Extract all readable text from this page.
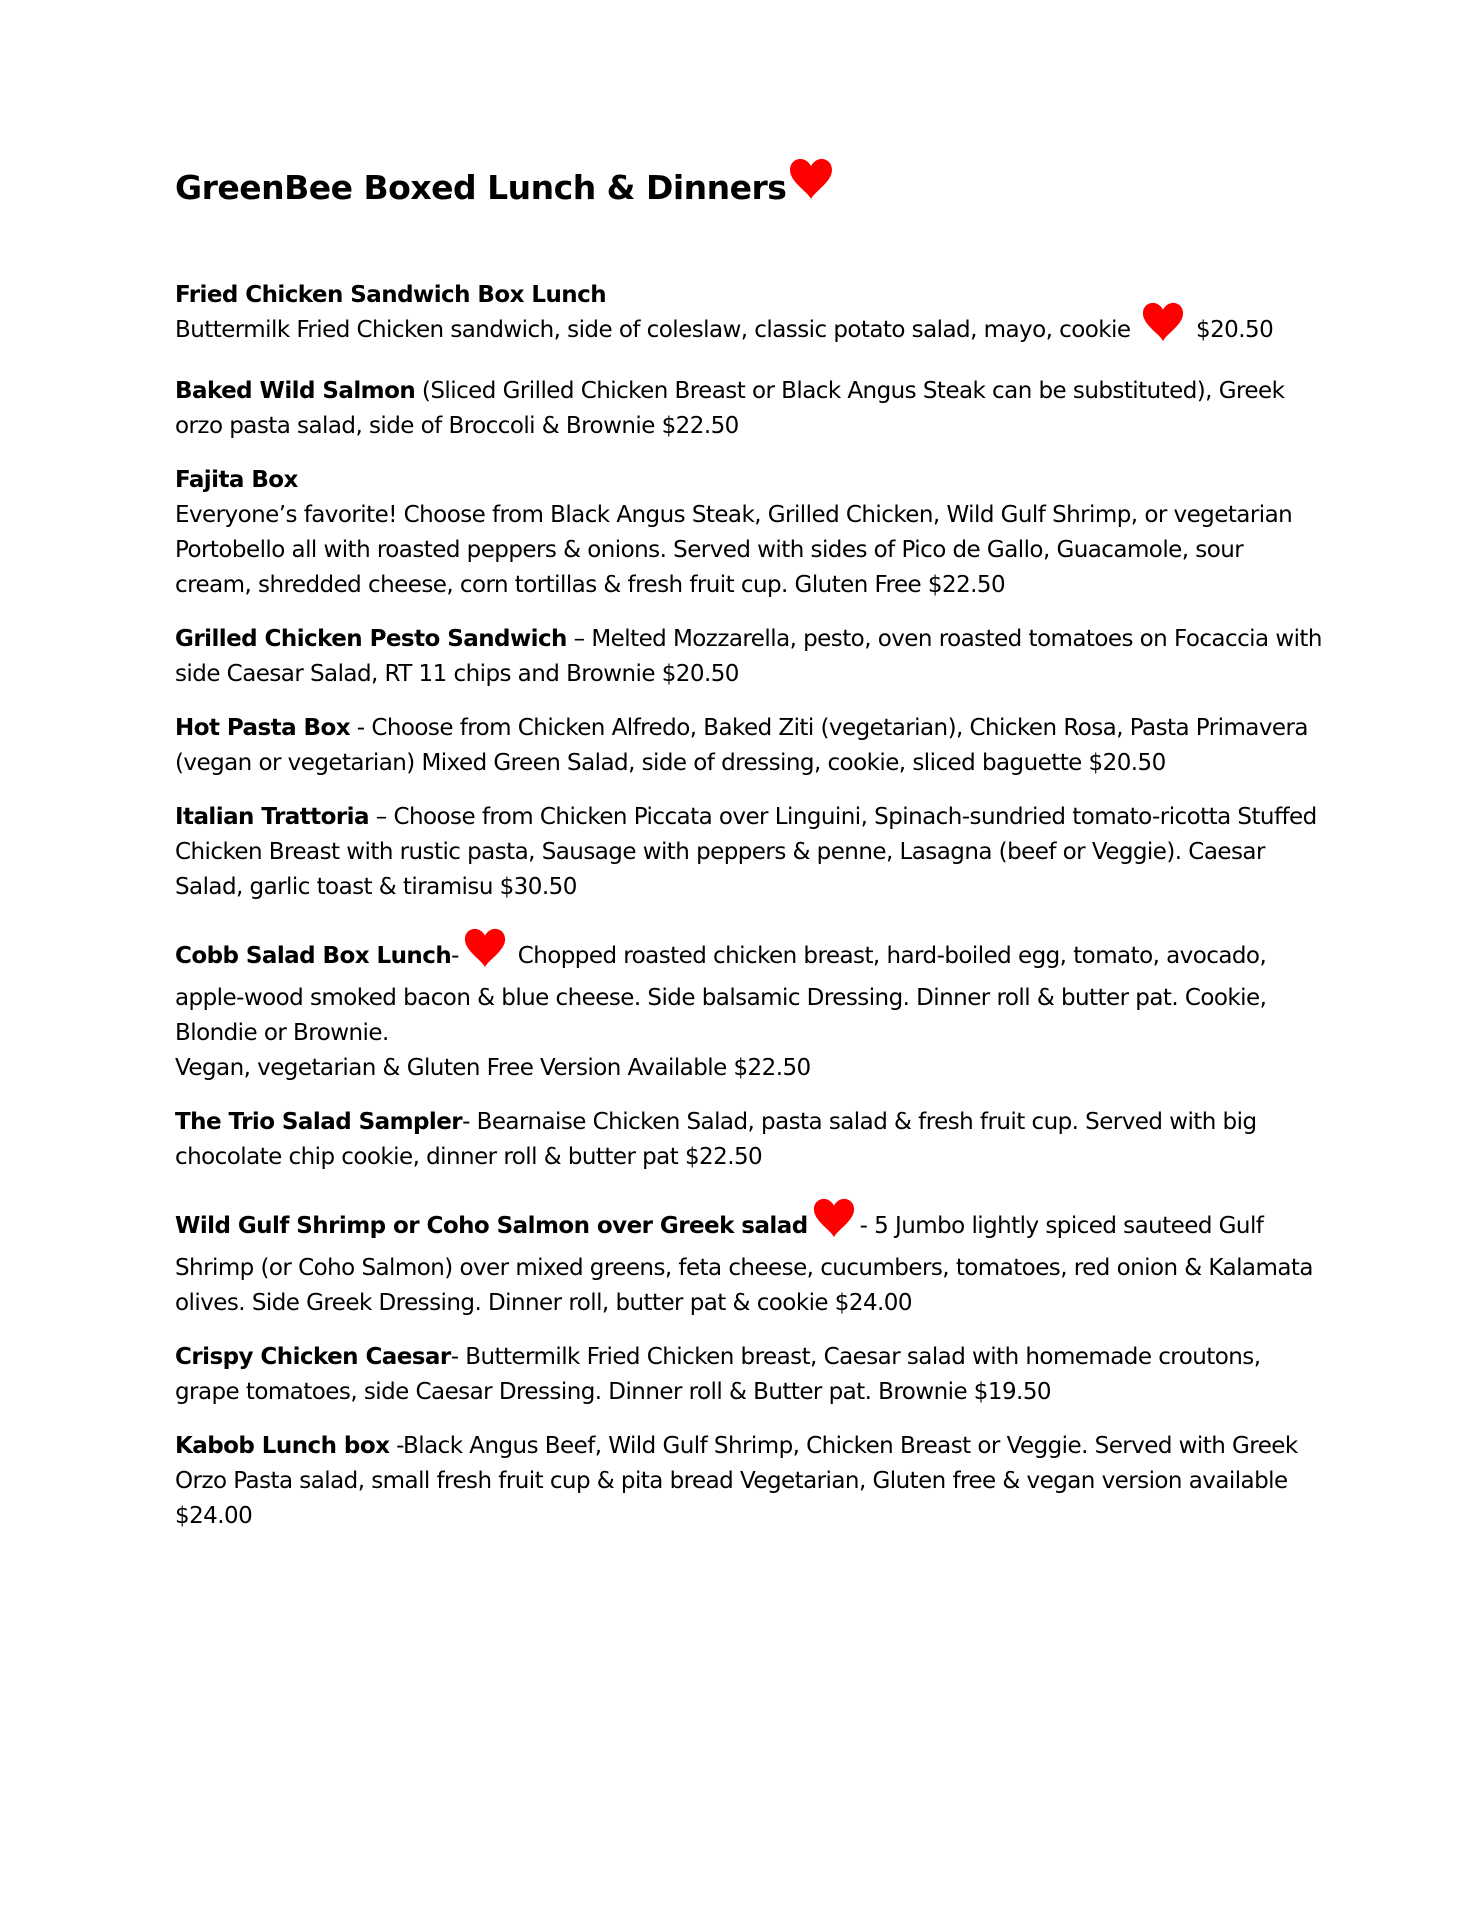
GreenBee Boxed Lunch & Dinners
Fried Chicken Sandwich Box Lunch
Buttermilk Fried Chicken sandwich, side of coleslaw, classic potato salad, mayo, cookie	$20.50
Baked Wild Salmon (Sliced Grilled Chicken Breast or Black Angus Steak can be substituted), Greek orzo pasta salad, side of Broccoli & Brownie $22.50
Fajita Box
Everyone’s favorite! Choose from Black Angus Steak, Grilled Chicken, Wild Gulf Shrimp, or vegetarian Portobello all with roasted peppers & onions. Served with sides of Pico de Gallo, Guacamole, sour cream, shredded cheese, corn tortillas & fresh fruit cup. Gluten Free $22.50
Grilled Chicken Pesto Sandwich – Melted Mozzarella, pesto, oven roasted tomatoes on Focaccia with side Caesar Salad, RT 11 chips and Brownie $20.50
Hot Pasta Box - Choose from Chicken Alfredo, Baked Ziti (vegetarian), Chicken Rosa, Pasta Primavera (vegan or vegetarian) Mixed Green Salad, side of dressing, cookie, sliced baguette $20.50
Italian Trattoria – Choose from Chicken Piccata over Linguini, Spinach-sundried tomato-ricotta Stuffed Chicken Breast with rustic pasta, Sausage with peppers & penne, Lasagna (beef or Veggie). Caesar Salad, garlic toast & tiramisu $30.50
Cobb Salad Box Lunch-	Chopped roasted chicken breast, hard-boiled egg, tomato, avocado, apple-wood smoked bacon & blue cheese. Side balsamic Dressing. Dinner roll & butter pat. Cookie, Blondie or Brownie.
Vegan, vegetarian & Gluten Free Version Available $22.50
The Trio Salad Sampler- Bearnaise Chicken Salad, pasta salad & fresh fruit cup. Served with big chocolate chip cookie, dinner roll & butter pat $22.50
Wild Gulf Shrimp or Coho Salmon over Greek salad - 5 Jumbo lightly spiced sauteed Gulf Shrimp (or Coho Salmon) over mixed greens, feta cheese, cucumbers, tomatoes, red onion & Kalamata olives. Side Greek Dressing. Dinner roll, butter pat & cookie $24.00
Crispy Chicken Caesar- Buttermilk Fried Chicken breast, Caesar salad with homemade croutons, grape tomatoes, side Caesar Dressing. Dinner roll & Butter pat. Brownie $19.50
Kabob Lunch box -Black Angus Beef, Wild Gulf Shrimp, Chicken Breast or Veggie. Served with Greek Orzo Pasta salad, small fresh fruit cup & pita bread Vegetarian, Gluten free & vegan version available $24.00
